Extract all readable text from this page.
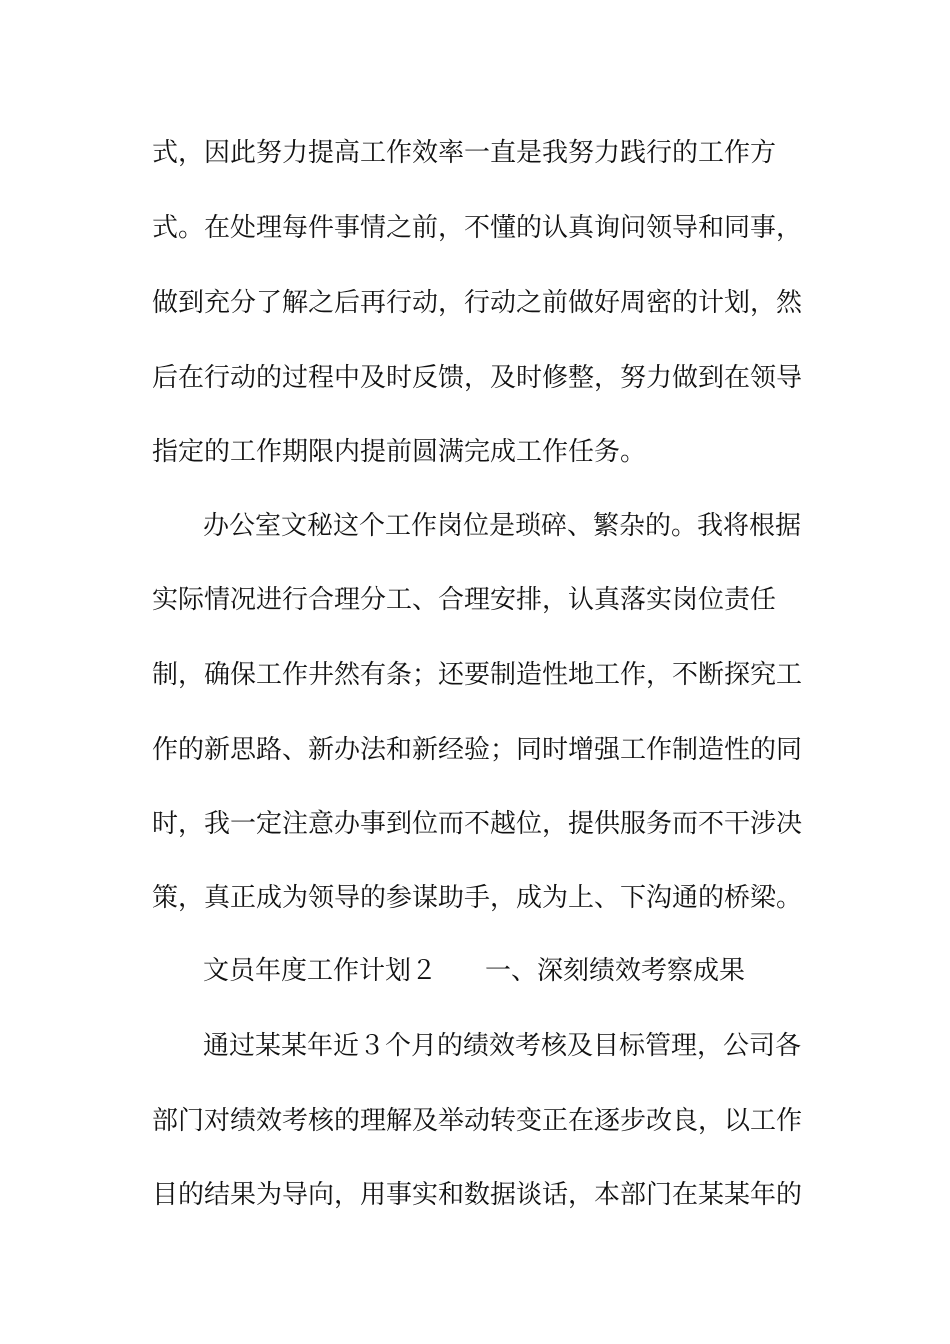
式，因此努力提高工作效率一直是我努力践行的工作方
式。在处理每件事情之前，不懂的认真询问领导和同事，
做到充分了解之后再行动，行动之前做好周密的计划，然
后在行动的过程中及时反馈，及时修整，努力做到在领导
指定的工作期限内提前圆满完成工作任务。
办公室文秘这个工作岗位是琐碎、繁杂的。我将根据
实际情况进行合理分工、合理安排，认真落实岗位责任
制，确保工作井然有条；还要制造性地工作，不断探究工
作的新思路、新办法和新经验；同时增强工作制造性的同
时，我一定注意办事到位而不越位，提供服务而不干涉决
策，真正成为领导的参谋助手，成为上、下沟通的桥梁。
文员年度工作计划２ 一、深刻绩效考察成果
通过某某年近３个月的绩效考核及目标管理，公司各
部门对绩效考核的理解及举动转变正在逐步改良，以工作
目的结果为导向，用事实和数据谈话，本部门在某某年的
